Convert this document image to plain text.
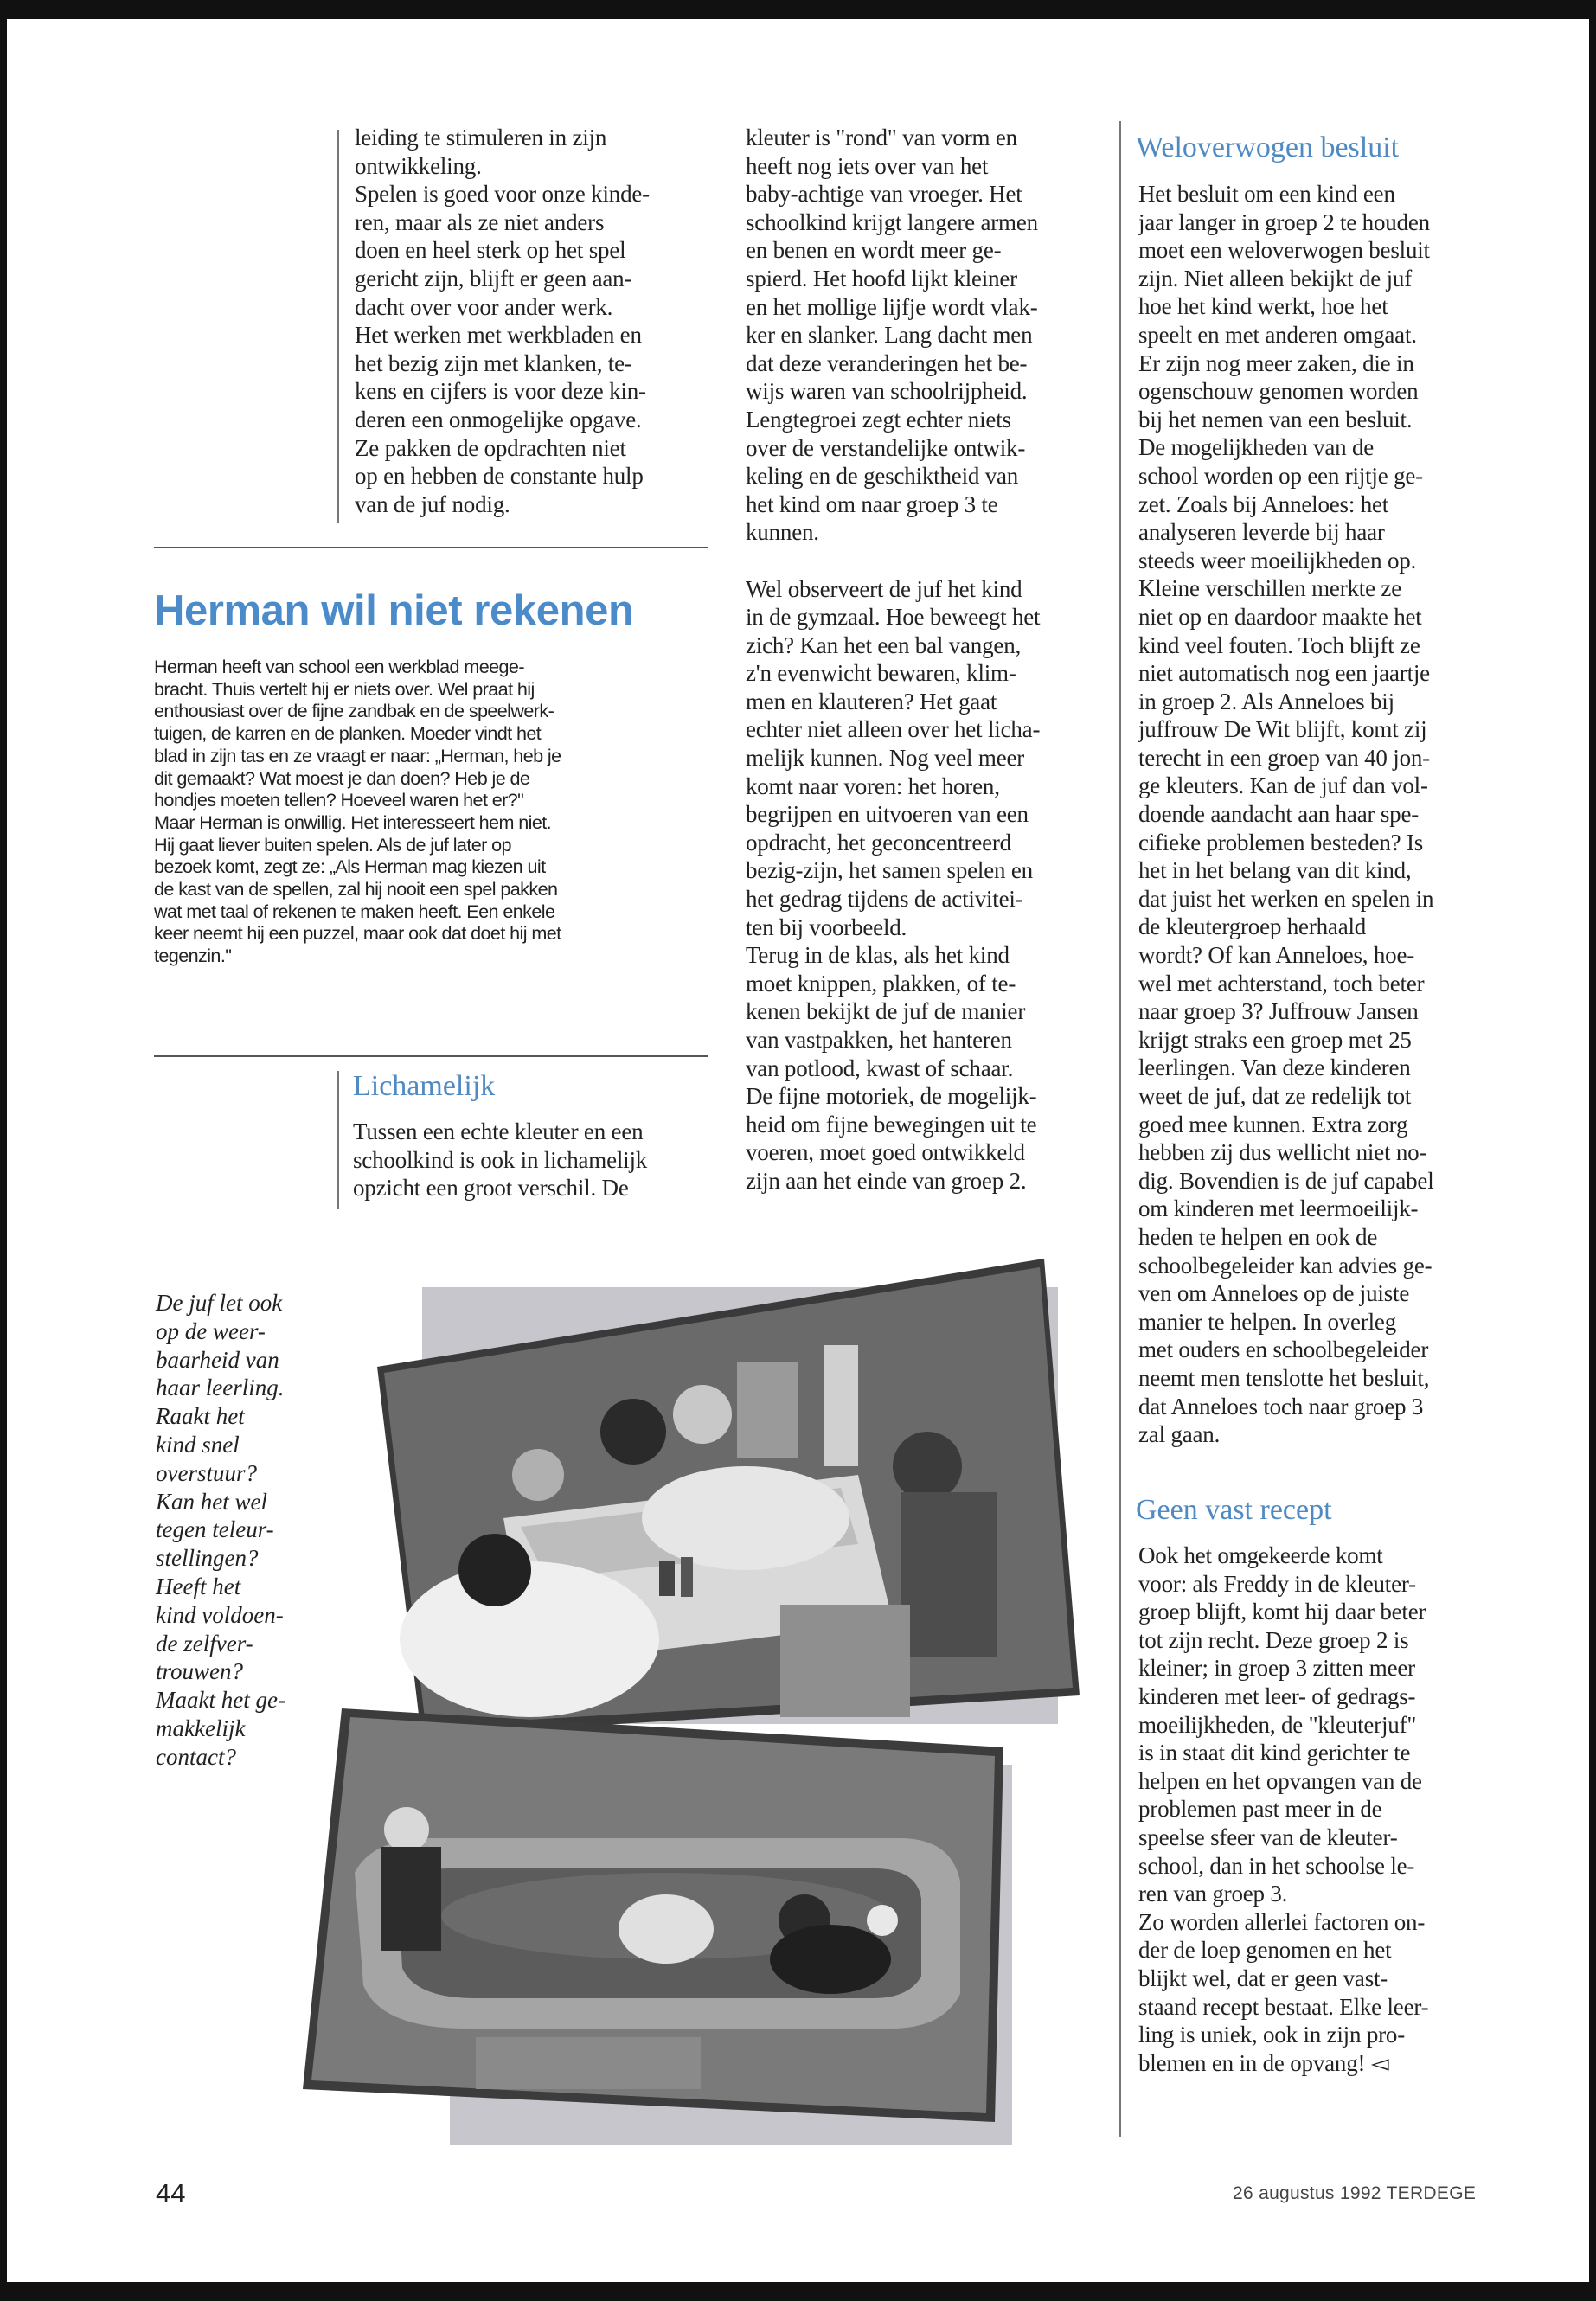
leiding te stimuleren in zijn
ontwikkeling.
Spelen is goed voor onze kinde-
ren, maar als ze niet anders
doen en heel sterk op het spel
gericht zijn, blijft er geen aan-
dacht over voor ander werk.
Het werken met werkbladen en
het bezig zijn met klanken, te-
kens en cijfers is voor deze kin-
deren een onmogelijke opgave.
Ze pakken de opdrachten niet
op en hebben de constante hulp
van de juf nodig.
Herman wil niet rekenen
Herman heeft van school een werkblad meege-
bracht. Thuis vertelt hij er niets over. Wel praat hij
enthousiast over de fijne zandbak en de speelwerk-
tuigen, de karren en de planken. Moeder vindt het
blad in zijn tas en ze vraagt er naar: „Herman, heb je
dit gemaakt? Wat moest je dan doen? Heb je de
hondjes moeten tellen? Hoeveel waren het er?"
Maar Herman is onwillig. Het interesseert hem niet.
Hij gaat liever buiten spelen. Als de juf later op
bezoek komt, zegt ze: „Als Herman mag kiezen uit
de kast van de spellen, zal hij nooit een spel pakken
wat met taal of rekenen te maken heeft. Een enkele
keer neemt hij een puzzel, maar ook dat doet hij met
tegenzin."
Lichamelijk
Tussen een echte kleuter en een
schoolkind is ook in lichamelijk
opzicht een groot verschil. De
kleuter is "rond" van vorm en
heeft nog iets over van het
baby-achtige van vroeger. Het
schoolkind krijgt langere armen
en benen en wordt meer ge-
spierd. Het hoofd lijkt kleiner
en het mollige lijfje wordt vlak-
ker en slanker. Lang dacht men
dat deze veranderingen het be-
wijs waren van schoolrijpheid.
Lengtegroei zegt echter niets
over de verstandelijke ontwik-
keling en de geschiktheid van
het kind om naar groep 3 te
kunnen.

Wel observeert de juf het kind
in de gymzaal. Hoe beweegt het
zich? Kan het een bal vangen,
z'n evenwicht bewaren, klim-
men en klauteren? Het gaat
echter niet alleen over het licha-
melijk kunnen. Nog veel meer
komt naar voren: het horen,
begrijpen en uitvoeren van een
opdracht, het geconcentreerd
bezig-zijn, het samen spelen en
het gedrag tijdens de activitei-
ten bij voorbeeld.
Terug in de klas, als het kind
moet knippen, plakken, of te-
kenen bekijkt de juf de manier
van vastpakken, het hanteren
van potlood, kwast of schaar.
De fijne motoriek, de mogelijk-
heid om fijne bewegingen uit te
voeren, moet goed ontwikkeld
zijn aan het einde van groep 2.
Weloverwogen besluit
Het besluit om een kind een
jaar langer in groep 2 te houden
moet een weloverwogen besluit
zijn. Niet alleen bekijkt de juf
hoe het kind werkt, hoe het
speelt en met anderen omgaat.
Er zijn nog meer zaken, die in
ogenschouw genomen worden
bij het nemen van een besluit.
De mogelijkheden van de
school worden op een rijtje ge-
zet. Zoals bij Anneloes: het
analyseren leverde bij haar
steeds weer moeilijkheden op.
Kleine verschillen merkte ze
niet op en daardoor maakte het
kind veel fouten. Toch blijft ze
niet automatisch nog een jaartje
in groep 2. Als Anneloes bij
juffrouw De Wit blijft, komt zij
terecht in een groep van 40 jon-
ge kleuters. Kan de juf dan vol-
doende aandacht aan haar spe-
cifieke problemen besteden? Is
het in het belang van dit kind,
dat juist het werken en spelen in
de kleutergroep herhaald
wordt? Of kan Anneloes, hoe-
wel met achterstand, toch beter
naar groep 3? Juffrouw Jansen
krijgt straks een groep met 25
leerlingen. Van deze kinderen
weet de juf, dat ze redelijk tot
goed mee kunnen. Extra zorg
hebben zij dus wellicht niet no-
dig. Bovendien is de juf capabel
om kinderen met leermoeilijk-
heden te helpen en ook de
schoolbegeleider kan advies ge-
ven om Anneloes op de juiste
manier te helpen. In overleg
met ouders en schoolbegeleider
neemt men tenslotte het besluit,
dat Anneloes toch naar groep 3
zal gaan.
Geen vast recept
Ook het omgekeerde komt
voor: als Freddy in de kleuter-
groep blijft, komt hij daar beter
tot zijn recht. Deze groep 2 is
kleiner; in groep 3 zitten meer
kinderen met leer- of gedrags-
moeilijkheden, de "kleuterjuf"
is in staat dit kind gerichter te
helpen en het opvangen van de
problemen past meer in de
speelse sfeer van de kleuter-
school, dan in het schoolse le-
ren van groep 3.
Zo worden allerlei factoren on-
der de loep genomen en het
blijkt wel, dat er geen vast-
staand recept bestaat. Elke leer-
ling is uniek, ook in zijn pro-
blemen en in de opvang! ◅
De juf let ook
op de weer-
baarheid van
haar leerling.
Raakt het
kind snel
overstuur?
Kan het wel
tegen teleur-
stellingen?
Heeft het
kind voldoen-
de zelfver-
trouwen?
Maakt het ge-
makkelijk
contact?
44	26 augustus 1992 TERDEGE
